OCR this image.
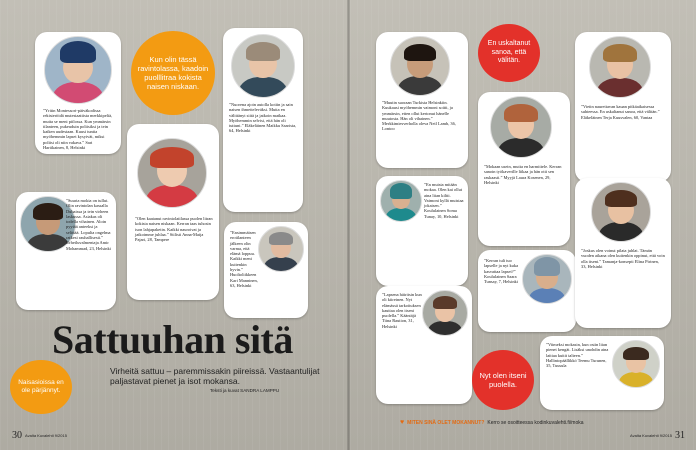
”Yritin Montessori-päiväkodissa rekisteröidä mutestaattista merkkipeliä, mutta se meni piilossa. Kun ymmärsin tilanteen, pukeuduin poliisiksi ja tein kaiken uudestaan. Kuusi tuntia myöhemmin lapset kysyivät, miksi poliisi oli niin vakava.” Sari Hartikainen, 8, Helsinki
”Suuria mokia on tullut. Olin ravintolan kassalla Dubaissa ja tein virheen laskussa. Asiakas oli todella vihainen. Aloin pyytää anteeksi ja selittää. Lopulta ongelma ratkesi rauhallisesti.” Urheiluvalmentaja Amir Mohammad, 23, Helsinki
Kun olin tässä ravintolassa, kaadoin puolllitraa kokista naisen niskaan.
”Olen kaatanut ravintolatilassa puolen litran kokista naisen niskaan. Kerran taas tuhosin ison lahjapaketin. Kaikki nauroivat ja jatkoimme juhlaa.” Stilisti Anna-Maija Pajari, 28, Tampere
”Nuorena ajoin autolla kotiin ja sain naisen ihmetteleväksi. Mutta en välittänyt siitä ja jatkoin matkaa. Myöhemmin selvisi, että hän oli tuttuni.” Eläkeläinen Maikku Saarista, 64, Helsinki
”Ensimmäisen erotilanteen jälkeen olin varma, että elämä loppuu. Kaikki meni kuitenkin hyvin.” Huoltoliikkeen Kari Manninen, 63, Helsinki
Naisasioissa en ole pärjännyt.
Sattuuhan sitä
Virheitä sattuu – paremmissakin piireissä. Vastaantulijat paljastavat pienet ja isot mokansa.
Teksti ja kuvat SANDRA LAMPPU
30 Avalta Kuvalehti 9/2015
”Muutin suoraan Turkista Helsinkiin. Kuukausi myöhemmin vaimoni soitti, ja ymmärsin, etten ollut kertonut hänelle muutosta. Hän oli vihainen.” Merkkimiesverholla oleva Neil Lamb, 36, Lontoo
”En muista mitään mokaa. Olen kai ollut aina liian kiltti. Vaimoni kyllä muistaa jokaisen.” Koululainen Soma Tunay, 10, Helsinki
En uskaltanut sanoa, että välitän.
”Mokaan usein, mutta en harmittele. Kerran sanoin työkaverille liikaa ja hän otti sen raskaasti.” Myyjä Laura Kosenen, 29, Helsinki
”Kerran tuli tuo lapselle ja nyt kuka kasvattaa lapset?” Koululainen Saara Tunsay, 7, Helsinki
”Lapsena häiritsin kun oli kiireinen. Nyt elämässä tarkoituksen kauttaa olen itseni puolella.” Kääntäjä Tiina Raution, 31, Helsinki
Nyt olen itseni puolella.
”Vietin naurettavan kauan pitkäaikaisessa suhteessa. En uskaltanut sanoa, että välitän.” Eläkeläinen Terja Kuusvalen, 60, Vantaa
”Joskus olen voinut pilata juhlat. Tämän vuoden aikana olen kuitenkin oppinut, että voin olla itseni.” Tamanja-konsepti Elina Pirinen, 33, Helsinki
”Viimeksi mokasin, kun ostin liian pienet kengät. Lisäksi unohdin aina laittaa kuitit talteen.” Hallintopäällikkö Teemu Turunen, 35, Tuusula
♥ MITEN SINÄ OLET MOKANNUT? Kerro se osoitteessa kodinkuvalehti.fi/moka
Avalta Kuvalehti 9/2015 31
